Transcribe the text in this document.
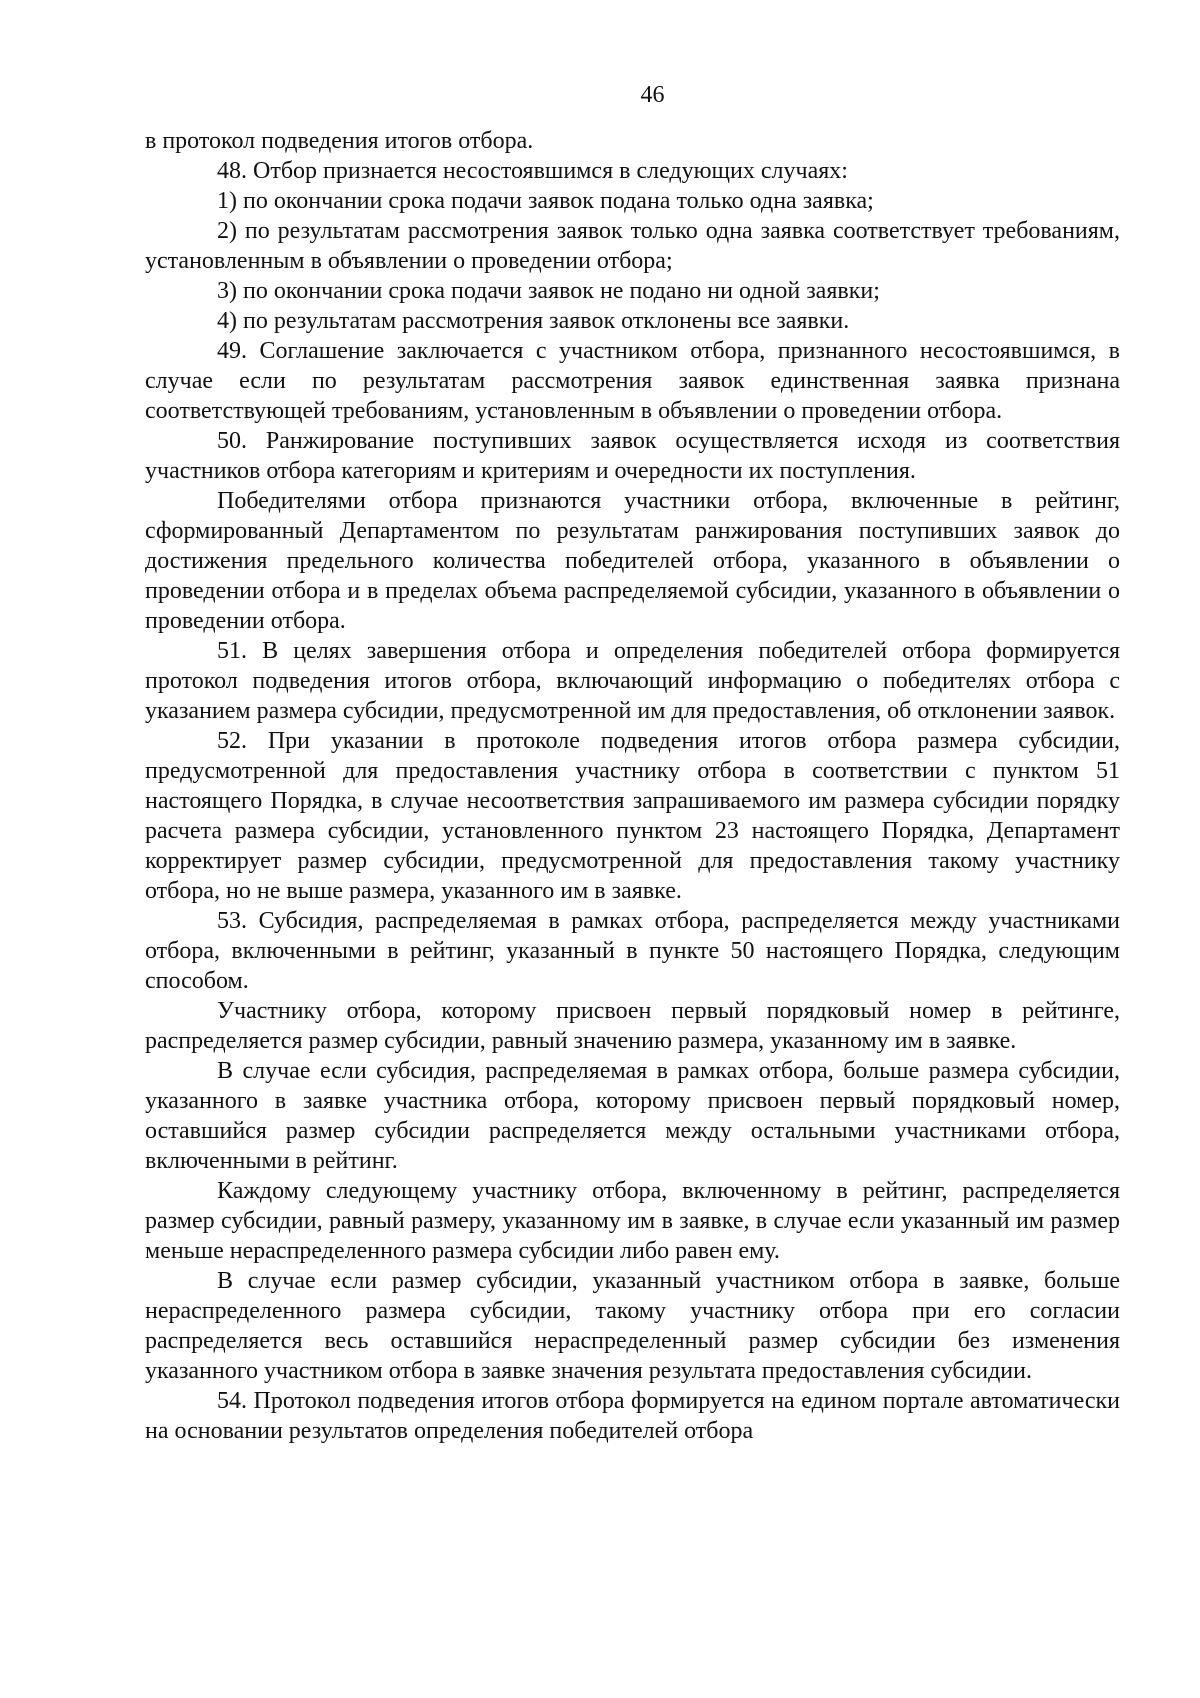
46

в протокол подведения итогов отбора.

48. Отбор признается несостоявшимся в следующих случаях:

1) по окончании срока подачи заявок подана только одна заявка;

2) по результатам рассмотрения заявок только одна заявка соответствует требованиям, установленным в объявлении о проведении отбора;

3) по окончании срока подачи заявок не подано ни одной заявки;

4) по результатам рассмотрения заявок отклонены все заявки.

49. Соглашение заключается с участником отбора, признанного несостоявшимся, в случае если по результатам рассмотрения заявок единственная заявка признана соответствующей требованиям, установленным в объявлении о проведении отбора.

50. Ранжирование поступивших заявок осуществляется исходя из соответствия участников отбора категориям и критериям и очередности их поступления.

Победителями отбора признаются участники отбора, включенные в рейтинг, сформированный Департаментом по результатам ранжирования поступивших заявок до достижения предельного количества победителей отбора, указанного в объявлении о проведении отбора и в пределах объема распределяемой субсидии, указанного в объявлении о проведении отбора.

51. В целях завершения отбора и определения победителей отбора формируется протокол подведения итогов отбора, включающий информацию о победителях отбора с указанием размера субсидии, предусмотренной им для предоставления, об отклонении заявок.

52. При указании в протоколе подведения итогов отбора размера субсидии, предусмотренной для предоставления участнику отбора в соответствии с пунктом 51 настоящего Порядка, в случае несоответствия запрашиваемого им размера субсидии порядку расчета размера субсидии, установленного пунктом 23 настоящего Порядка, Департамент корректирует размер субсидии, предусмотренной для предоставления такому участнику отбора, но не выше размера, указанного им в заявке.

53. Субсидия, распределяемая в рамках отбора, распределяется между участниками отбора, включенными в рейтинг, указанный в пункте 50 настоящего Порядка, следующим способом.

Участнику отбора, которому присвоен первый порядковый номер в рейтинге, распределяется размер субсидии, равный значению размера, указанному им в заявке.

В случае если субсидия, распределяемая в рамках отбора, больше размера субсидии, указанного в заявке участника отбора, которому присвоен первый порядковый номер, оставшийся размер субсидии распределяется между остальными участниками отбора, включенными в рейтинг.

Каждому следующему участнику отбора, включенному в рейтинг, распределяется размер субсидии, равный размеру, указанному им в заявке, в случае если указанный им размер меньше нераспределенного размера субсидии либо равен ему.

В случае если размер субсидии, указанный участником отбора в заявке, больше нераспределенного размера субсидии, такому участнику отбора при его согласии распределяется весь оставшийся нераспределенный размер субсидии без изменения указанного участником отбора в заявке значения результата предоставления субсидии.

54. Протокол подведения итогов отбора формируется на едином портале автоматически на основании результатов определения победителей отбора
